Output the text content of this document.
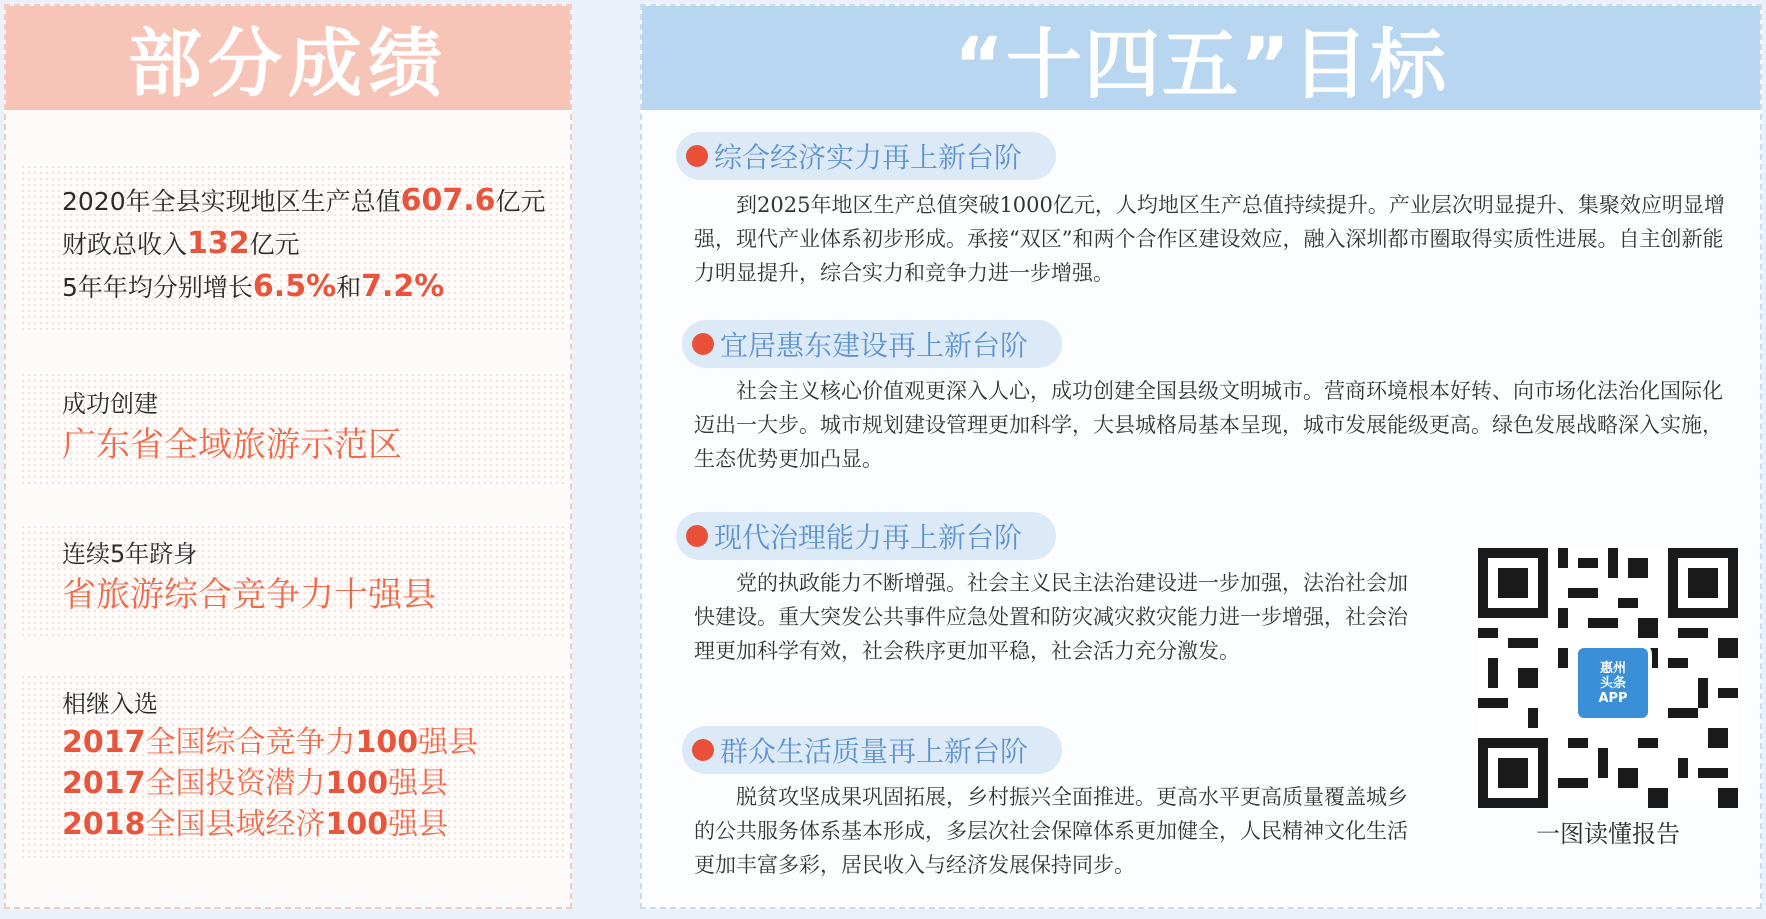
部分成绩
2020年全县实现地区生产总值607.6亿元
财政总收入132亿元
5年年均分别增长6.5%和7.2%
成功创建
广东省全域旅游示范区
连续5年跻身
省旅游综合竞争力十强县
相继入选
2017全国综合竞争力100强县
2017全国投资潜力100强县
2018全国县域经济100强县
“十四五”目标
综合经济实力再上新台阶

到2025年地区生产总值突破1000亿元，人均地区生产总值持续提升。产业层次明显提升、集聚效应明显增强，现代产业体系初步形成。承接“双区”和两个合作区建设效应，融入深圳都市圈取得实质性进展。自主创新能力明显提升，综合实力和竞争力进一步增强。

宜居惠东建设再上新台阶

社会主义核心价值观更深入人心，成功创建全国县级文明城市。营商环境根本好转、向市场化法治化国际化迈出一大步。城市规划建设管理更加科学，大县城格局基本呈现，城市发展能级更高。绿色发展战略深入实施，生态优势更加凸显。

现代治理能力再上新台阶

党的执政能力不断增强。社会主义民主法治建设进一步加强，法治社会加快建设。重大突发公共事件应急处置和防灾减灾救灾能力进一步增强，社会治理更加科学有效，社会秩序更加平稳，社会活力充分激发。

群众生活质量再上新台阶

脱贫攻坚成果巩固拓展，乡村振兴全面推进。更高水平更高质量覆盖城乡的公共服务体系基本形成，多层次社会保障体系更加健全，人民精神文化生活更加丰富多彩，居民收入与经济发展保持同步。

惠州
头条
APP
一图读懂报告
